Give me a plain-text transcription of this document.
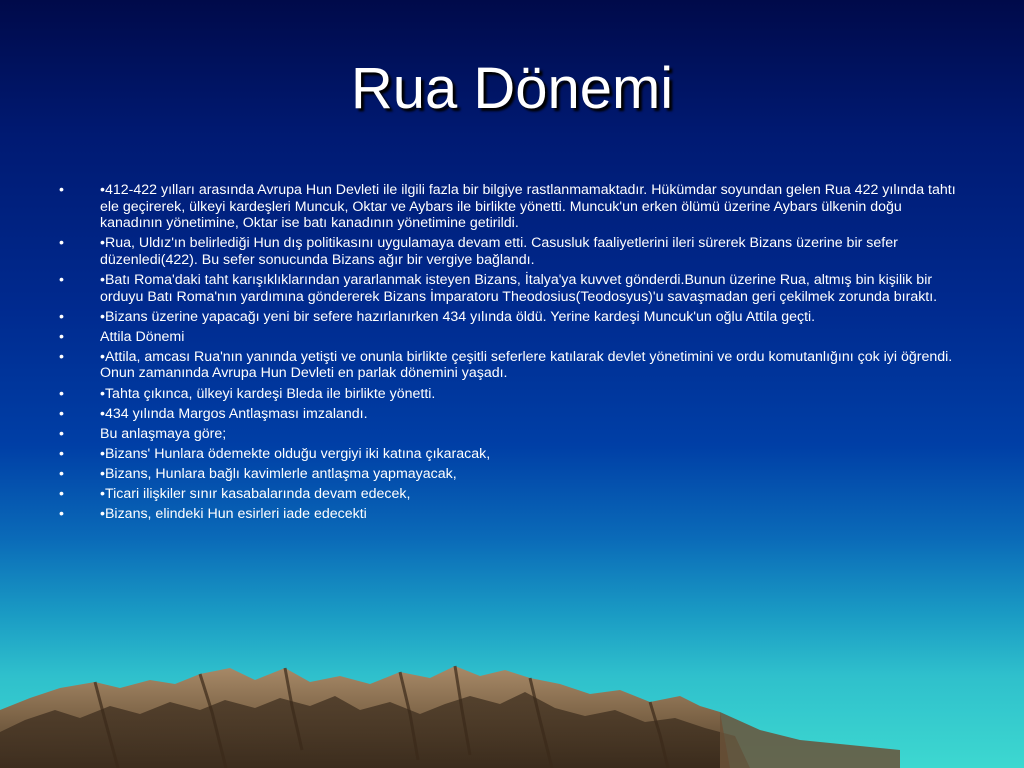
Rua Dönemi
•	•412-422 yılları arasında Avrupa Hun Devleti ile ilgili fazla bir bilgiye rastlanmamaktadır. Hükümdar soyundan gelen Rua 422 yılında tahtı ele geçirerek, ülkeyi kardeşleri Muncuk, Oktar ve Aybars ile birlikte yönetti. Muncuk'un erken ölümü üzerine Aybars ülkenin doğu kanadının yönetimine, Oktar ise batı kanadının yönetimine getirildi.
•	•Rua, Uldız'ın belirlediği Hun dış politikasını uygulamaya devam etti. Casusluk faaliyetlerini ileri sürerek Bizans üzerine bir sefer düzenledi(422). Bu sefer sonucunda Bizans ağır bir vergiye bağlandı.
•	•Batı Roma'daki taht karışıklıklarından yararlanmak isteyen Bizans, İtalya'ya kuvvet gönderdi.Bunun üzerine Rua, altmış bin kişilik bir orduyu Batı Roma'nın yardımına göndererek Bizans İmparatoru Theodosius(Teodosyus)'u savaşmadan geri çekilmek zorunda bıraktı.
•	•Bizans üzerine yapacağı yeni bir sefere hazırlanırken 434 yılında öldü. Yerine kardeşi Muncuk'un oğlu Attila geçti.
•	Attila Dönemi
•	•Attila, amcası Rua'nın yanında yetişti ve onunla birlikte çeşitli seferlere katılarak devlet yönetimini ve ordu komutanlığını çok iyi öğrendi. Onun zamanında Avrupa Hun Devleti en parlak dönemini yaşadı.
•	•Tahta çıkınca, ülkeyi kardeşi Bleda ile birlikte yönetti.
•	•434 yılında Margos Antlaşması imzalandı.
•	Bu anlaşmaya göre;
•	•Bizans' Hunlara ödemekte olduğu vergiyi iki katına çıkaracak,
•	•Bizans, Hunlara bağlı kavimlerle antlaşma yapmayacak,
•	•Ticari ilişkiler sınır kasabalarında devam edecek,
•	•Bizans, elindeki Hun esirleri iade edecekti
